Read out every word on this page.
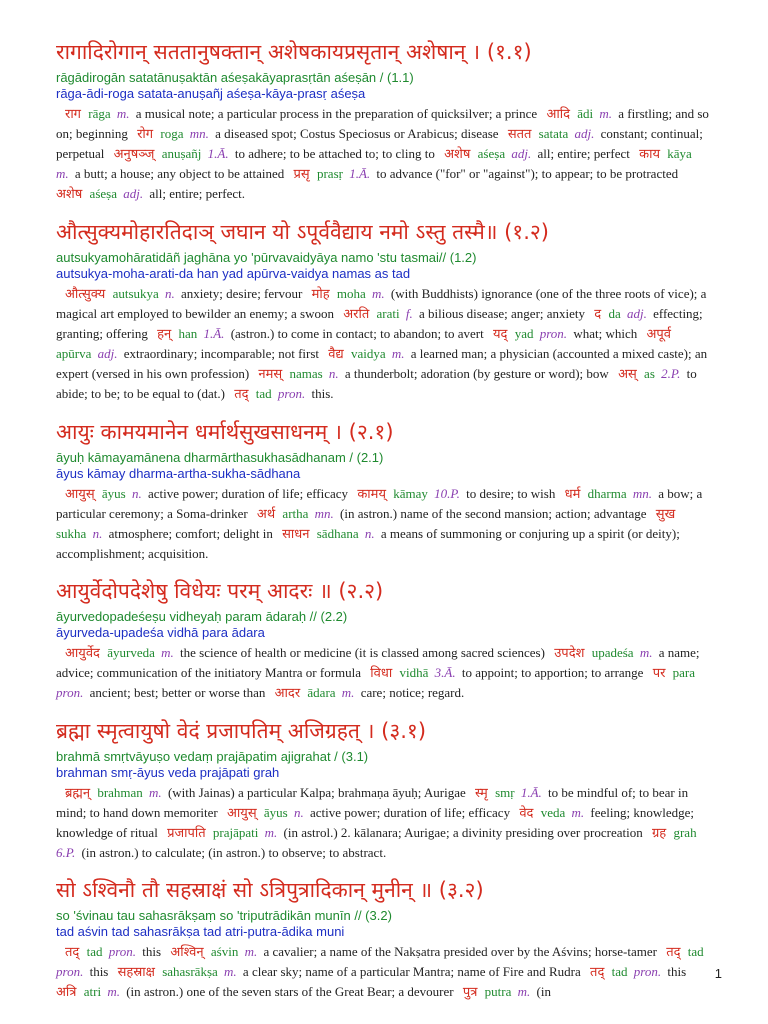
रागादिरोगान् सततानुषक्तान् अशेषकायप्रसृतान् अशेषान् । (१.१)
rāgādirogān satatānuṣaktān aśeṣakāyaprasṛtān aśeṣān / (1.1)
rāga-ādi-roga satata-anuṣañj aśeṣa-kāya-prasṛ aśeṣa
राग rāga m. a musical note; a particular process in the preparation of quicksilver; a prince आदि ādi m. a firstling; and so on; beginning रोग roga mn. a diseased spot; Costus Speciosus or Arabicus; disease सतत satata adj. constant; continual; perpetual अनुषञ्ज् anuṣañj 1.Ā. to adhere; to be attached to; to cling to अशेष aśeṣa adj. all; entire; perfect काय kāya m. a butt; a house; any object to be attained प्रसृ prasṛ 1.Ā. to advance ("for" or "against"); to appear; to be protracted अशेष aśeṣa adj. all; entire; perfect.
औत्सुक्यमोहारतिदाञ् जघान यो ऽपूर्ववैद्याय नमो ऽस्तु तस्मै॥ (१.२)
autsukyamohāratidāñ jaghāna yo 'pūrvavaidyāya namo 'stu tasmai// (1.2)
autsukya-moha-arati-da han yad apūrva-vaidya namas as tad
औत्सुक्य autsukya n. anxiety; desire; fervour मोह moha m. (with Buddhists) ignorance (one of the three roots of vice); a magical art employed to bewilder an enemy; a swoon अरति arati f. a bilious disease; anger; anxiety द da adj. effecting; granting; offering हन् han 1.Ā. (astron.) to come in contact; to abandon; to avert यद् yad pron. what; which अपूर्व apūrva adj. extraordinary; incomparable; not first वैद्य vaidya m. a learned man; a physician (accounted a mixed caste); an expert (versed in his own profession) नमस् namas n. a thunderbolt; adoration (by gesture or word); bow अस् as 2.P. to abide; to be; to be equal to (dat.) तद् tad pron. this.
आयुः कामयमानेन धर्मार्थसुखसाधनम् । (२.१)
āyuḥ kāmayamānena dharmārthasukhasādhanam / (2.1)
āyus kāmay dharma-artha-sukha-sādhana
आयुस् āyus n. active power; duration of life; efficacy कामय् kāmay 10.P. to desire; to wish धर्म dharma mn. a bow; a particular ceremony; a Soma-drinker अर्थ artha mn. (in astron.) name of the second mansion; action; advantage सुख sukha n. atmosphere; comfort; delight in साधन sādhana n. a means of summoning or conjuring up a spirit (or deity); accomplishment; acquisition.
आयुर्वेदोपदेशेषु विधेयः परम् आदरः ॥ (२.२)
āyurvedopadeśeṣu vidheyaḥ param ādaraḥ // (2.2)
āyurveda-upadeśa vidhā para ādara
आयुर्वेद āyurveda m. the science of health or medicine (it is classed among sacred sciences) उपदेश upadeśa m. a name; advice; communication of the initiatory Mantra or formula विधा vidhā 3.Ā. to appoint; to apportion; to arrange पर para pron. ancient; best; better or worse than आदर ādara m. care; notice; regard.
ब्रह्मा स्मृत्वायुषो वेदं प्रजापतिम् अजिग्रहत् । (३.१)
brahmā smṛtvāyuṣo vedaṃ prajāpatim ajigrahat / (3.1)
brahman smṛ-āyus veda prajāpati grah
ब्रह्मन् brahman m. (with Jainas) a particular Kalpa; brahmaṇa āyuḥ; Aurigae स्मृ smṛ 1.Ā. to be mindful of; to bear in mind; to hand down memoriter आयुस् āyus n. active power; duration of life; efficacy वेद veda m. feeling; knowledge; knowledge of ritual प्रजापति prajāpati m. (in astrol.) 2. kālanara; Aurigae; a divinity presiding over procreation ग्रह grah 6.P. (in astron.) to calculate; (in astron.) to observe; to abstract.
सो ऽश्विनौ तौ सहस्राक्षं सो ऽत्रिपुत्रादिकान् मुनीन् ॥ (३.२)
so 'śvinau tau sahasrākṣaṃ so 'triputrādikān munīn // (3.2)
tad aśvin tad sahasrākṣa tad atri-putra-ādika muni
तद् tad pron. this अश्विन् aśvin m. a cavalier; a name of the Nakṣatra presided over by the Aśvins; horse-tamer तद् tad pron. this सहस्राक्ष sahasrākṣa m. a clear sky; name of a particular Mantra; name of Fire and Rudra तद् tad pron. this अत्रि atri m. (in astron.) one of the seven stars of the Great Bear; a devourer पुत्र putra m. (in
1
